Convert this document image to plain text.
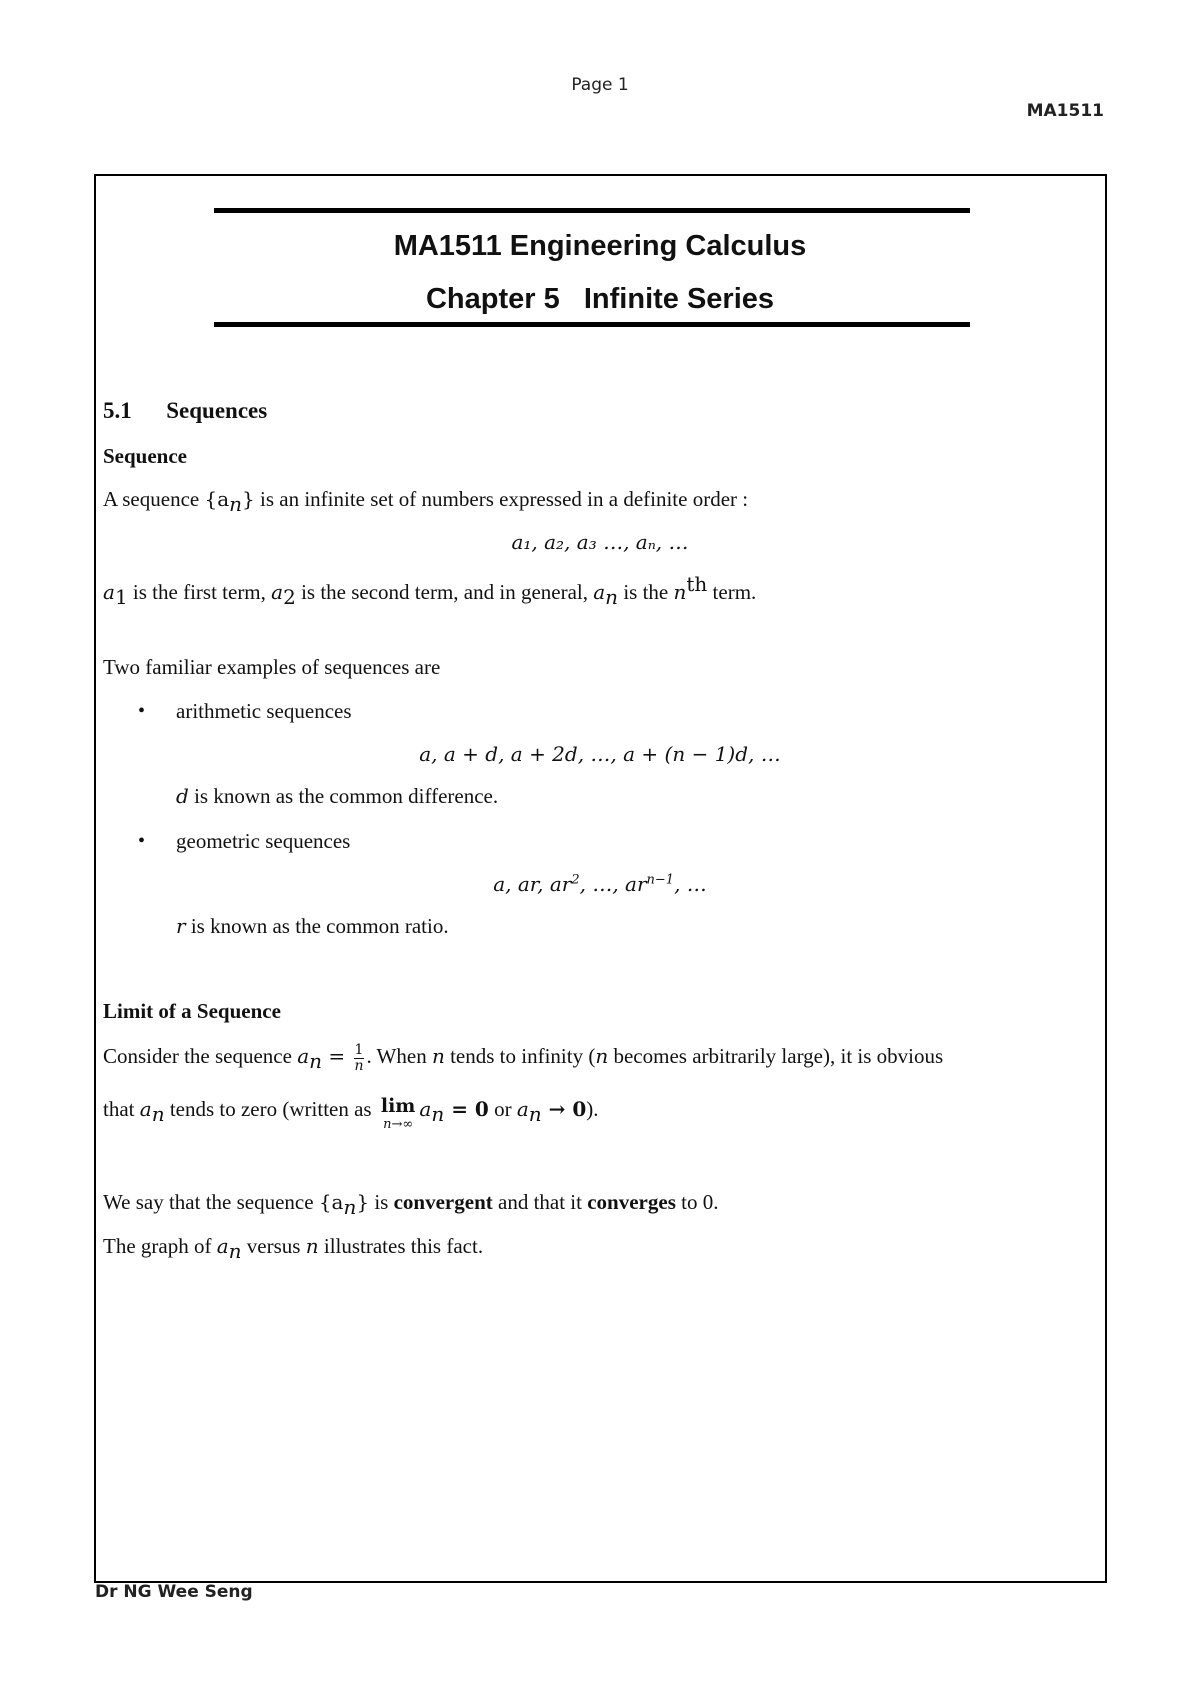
Page 1
MA1511
MA1511 Engineering Calculus
Chapter 5   Infinite Series
5.1      Sequences
Sequence
A sequence $\{a_n\}$ is an infinite set of numbers expressed in a definite order :
a₁, a₂, a₃ …, aₙ, …
$a_1$ is the first term, $a_2$ is the second term, and in general, $a_n$ is the $n^{th}$ term.
Two familiar examples of sequences are
• arithmetic sequences
a, a + d, a + 2d, …, a + (n − 1)d, …
d is known as the common difference.
• geometric sequences
a, ar, $ar^2$, …, $ar^{n-1}$, …
r is known as the common ratio.
Limit of a Sequence
Consider the sequence $a_n = \frac{1}{n}$ . When n tends to infinity (n becomes arbitrarily large), it is obvious
that $a_n$ tends to zero (written as lim
n→∞
$a_n = 0$ or $a_n \to 0$).
We say that the sequence $\{a_n\}$ is convergent and that it converges to 0.
The graph of $a_n$ versus n illustrates this fact.
Dr NG Wee Seng
